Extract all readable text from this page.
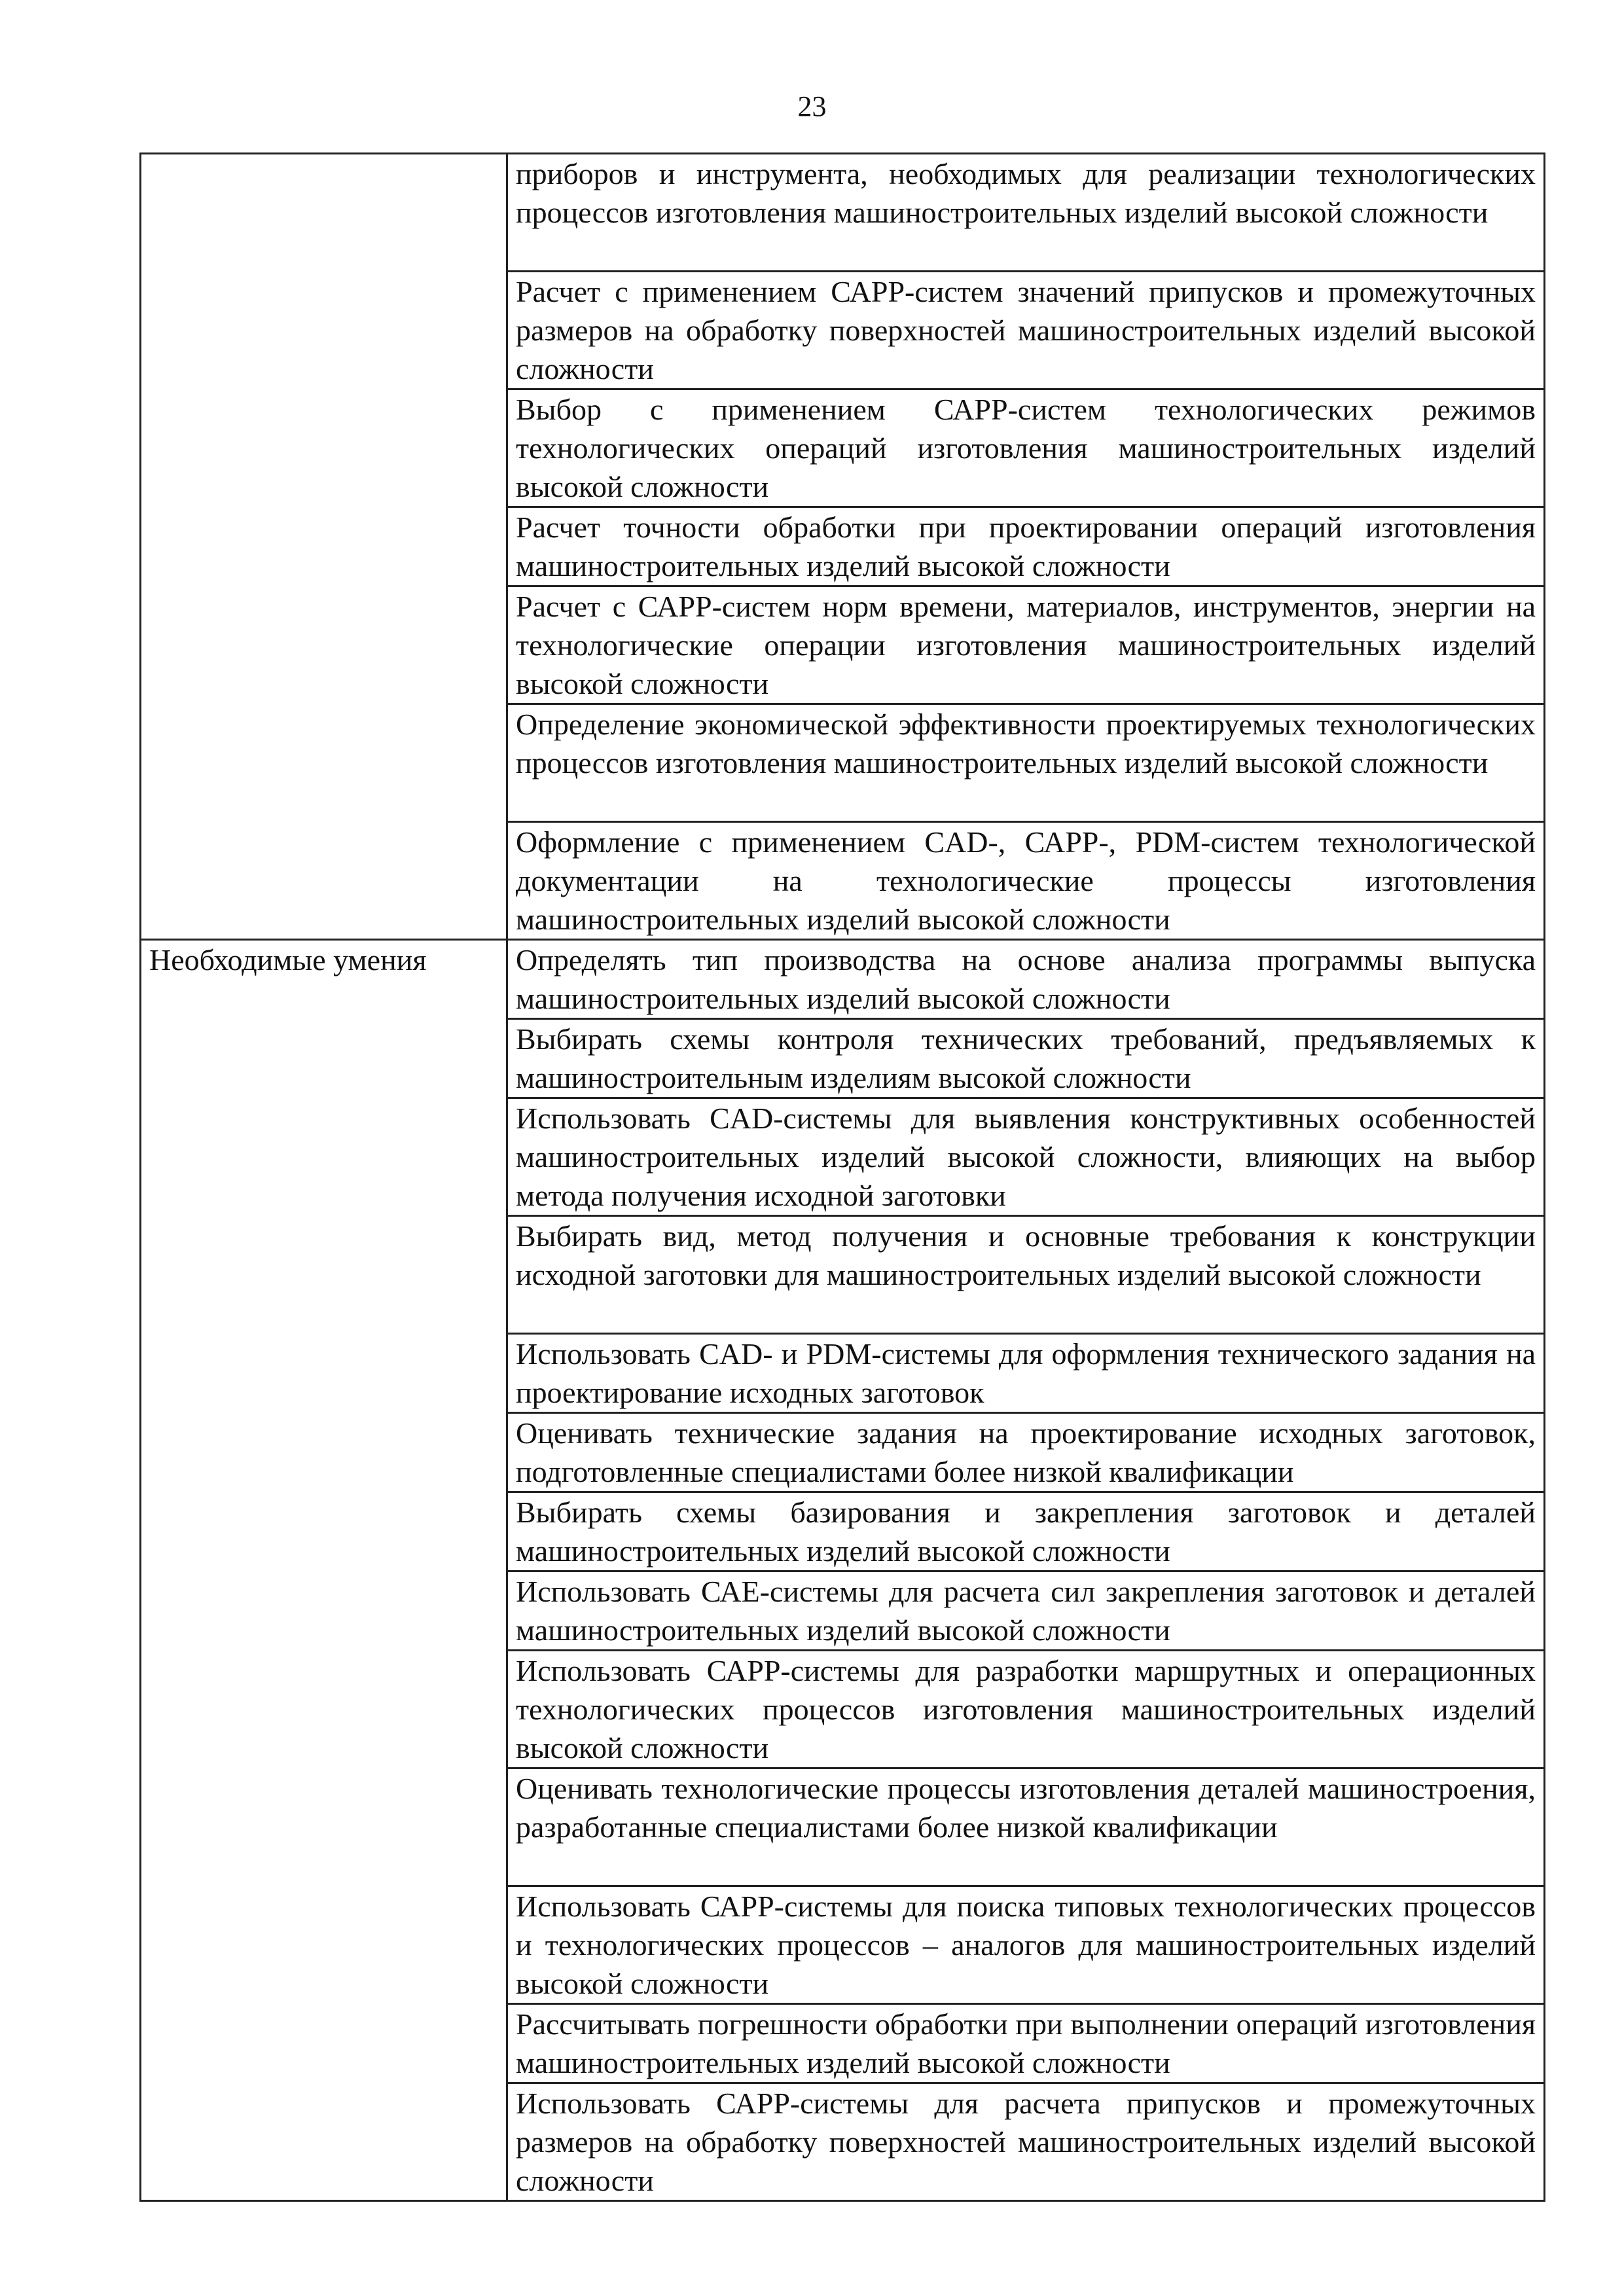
23
	приборов и инструмента, необходимых для реализации технологических процессов изготовления машиностроительных изделий высокой сложности
	Расчет с применением САРР-систем значений припусков и промежуточных размеров на обработку поверхностей машиностроительных изделий высокой сложности
	Выбор с применением САРР-систем технологических режимов технологических операций изготовления машиностроительных изделий высокой сложности
	Расчет точности обработки при проектировании операций изготовления машиностроительных изделий высокой сложности
	Расчет с САРР-систем норм времени, материалов, инструментов, энергии на технологические операции изготовления машиностроительных изделий высокой сложности
	Определение экономической эффективности проектируемых технологических процессов изготовления машиностроительных изделий высокой сложности
	Оформление с применением CAD-, САРР-, PDM-систем технологической документации на технологические процессы изготовления машиностроительных изделий высокой сложности

Необходимые умения	Определять тип производства на основе анализа программы выпуска машиностроительных изделий высокой сложности
	Выбирать схемы контроля технических требований, предъявляемых к машиностроительным изделиям высокой сложности
	Использовать CAD-системы для выявления конструктивных особенностей машиностроительных изделий высокой сложности, влияющих на выбор метода получения исходной заготовки
	Выбирать вид, метод получения и основные требования к конструкции исходной заготовки для машиностроительных изделий высокой сложности
	Использовать CAD- и PDM-системы для оформления технического задания на проектирование исходных заготовок
	Оценивать технические задания на проектирование исходных заготовок, подготовленные специалистами более низкой квалификации
	Выбирать схемы базирования и закрепления заготовок и деталей машиностроительных изделий высокой сложности
	Использовать САЕ-системы для расчета сил закрепления заготовок и деталей машиностроительных изделий высокой сложности
	Использовать САРР-системы для разработки маршрутных и операционных технологических процессов изготовления машиностроительных изделий высокой сложности
	Оценивать технологические процессы изготовления деталей машиностроения, разработанные специалистами более низкой квалификации
	Использовать САРР-системы для поиска типовых технологических процессов и технологических процессов – аналогов для машиностроительных изделий высокой сложности
	Рассчитывать погрешности обработки при выполнении операций изготовления машиностроительных изделий высокой сложности
	Использовать САРР-системы для расчета припусков и промежуточных размеров на обработку поверхностей машиностроительных изделий высокой сложности
